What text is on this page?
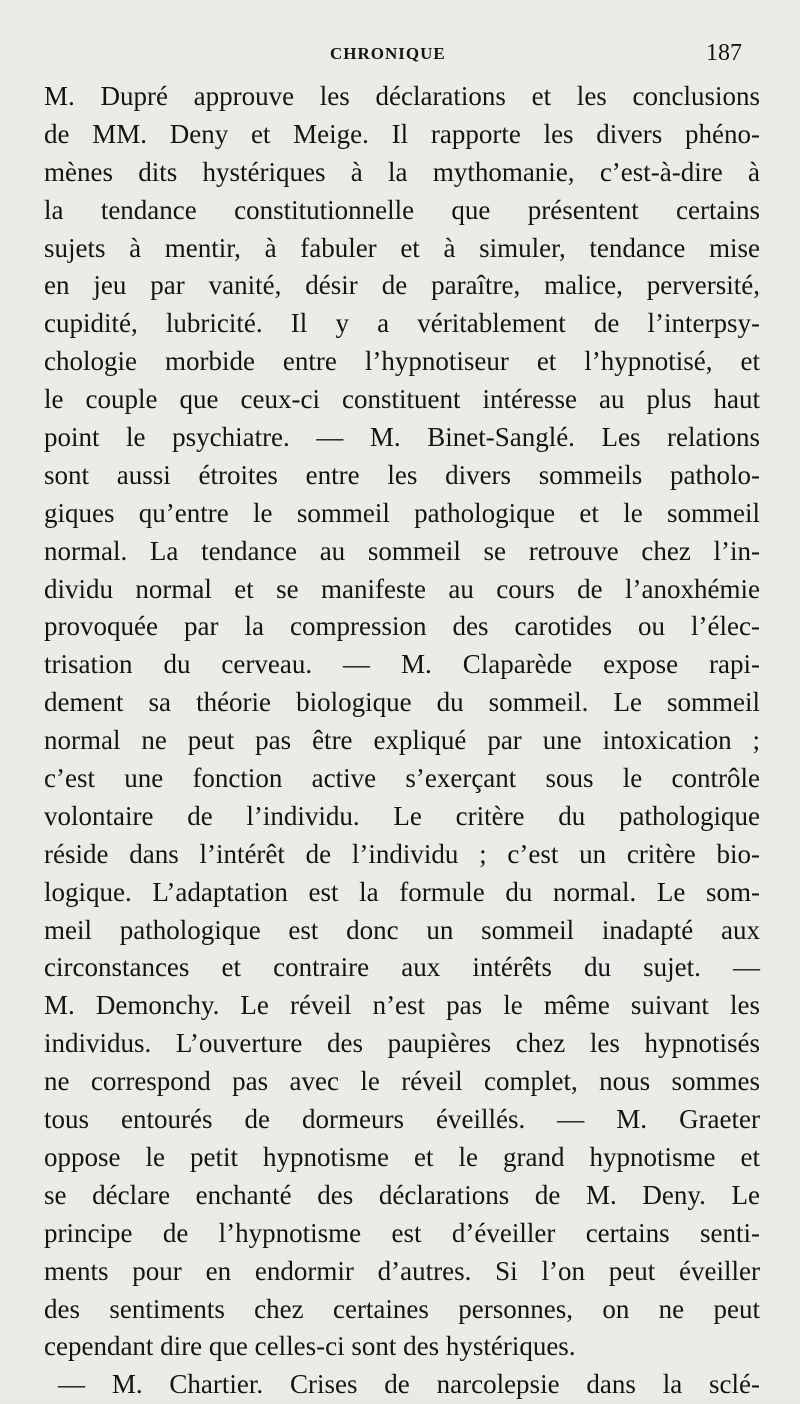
CHRONIQUE	187
M. Dupré approuve les déclarations et les conclusions
de MM. Deny et Meige. Il rapporte les divers phéno-
mènes dits hystériques à la mythomanie, c’est-à-dire à
la tendance constitutionnelle que présentent certains
sujets à mentir, à fabuler et à simuler, tendance mise
en jeu par vanité, désir de paraître, malice, perversité,
cupidité, lubricité. Il y a véritablement de l’interpsy-
chologie morbide entre l’hypnotiseur et l’hypnotisé, et
le couple que ceux-ci constituent intéresse au plus haut
point le psychiatre. — M. Binet-Sanglé. Les relations
sont aussi étroites entre les divers sommeils patholo-
giques qu’entre le sommeil pathologique et le sommeil
normal. La tendance au sommeil se retrouve chez l’in-
dividu normal et se manifeste au cours de l’anoxhémie
provoquée par la compression des carotides ou l’élec-
trisation du cerveau. — M. Claparède expose rapi-
dement sa théorie biologique du sommeil. Le sommeil
normal ne peut pas être expliqué par une intoxication ;
c’est une fonction active s’exerçant sous le contrôle
volontaire de l’individu. Le critère du pathologique
réside dans l’intérêt de l’individu ; c’est un critère bio-
logique. L’adaptation est la formule du normal. Le som-
meil pathologique est donc un sommeil inadapté aux
circonstances et contraire aux intérêts du sujet. —
M. Demonchy. Le réveil n’est pas le même suivant les
individus. L’ouverture des paupières chez les hypnotisés
ne correspond pas avec le réveil complet, nous sommes
tous entourés de dormeurs éveillés. — M. Graeter
oppose le petit hypnotisme et le grand hypnotisme et
se déclare enchanté des déclarations de M. Deny. Le
principe de l’hypnotisme est d’éveiller certains senti-
ments pour en endormir d’autres. Si l’on peut éveiller
des sentiments chez certaines personnes, on ne peut
cependant dire que celles-ci sont des hystériques.
— M. Chartier. Crises de narcolepsie dans la sclé-
